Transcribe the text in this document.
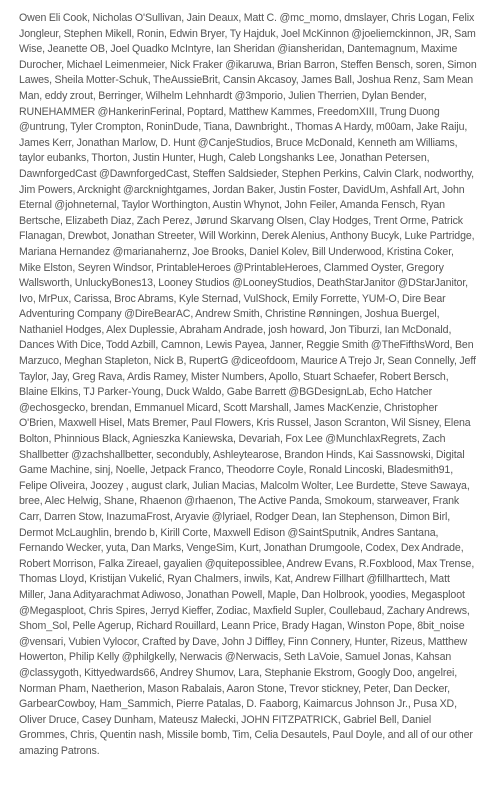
Owen Eli Cook, Nicholas O'Sullivan, Jain Deaux, Matt C. @mc_momo, dmslayer, Chris Logan, Felix Jongleur, Stephen Mikell, Ronin, Edwin Bryer, Ty Hajduk, Joel McKinnon @joeliemckinnon, JR, Sam Wise, Jeanette OB, Joel Quadko McIntyre, Ian Sheridan @iansheridan, Dantemagnum, Maxime Durocher, Michael Leimenmeier, Nick Fraker @ikaruwa, Brian Barron, Steffen Bensch, soren, Simon Lawes, Sheila Motter-Schuk, TheAussieBrit, Cansin Akcasoy, James Ball, Joshua Renz, Sam Mean Man, eddy zrout, Berringer, Wilhelm Lehnhardt @3mporio, Julien Therrien, Dylan Bender, RUNEHAMMER @HankerinFerinal, Poptard, Matthew Kammes, FreedomXIII, Trung Duong @untrung, Tyler Crompton, RoninDude, Tiana, Dawnbright., Thomas A Hardy, m00am, Jake Raiju, James Kerr, Jonathan Marlow, D. Hunt @CanjeStudios, Bruce McDonald, Kenneth am Williams, taylor eubanks, Thorton, Justin Hunter, Hugh, Caleb Longshanks Lee, Jonathan Petersen, DawnforgedCast @DawnforgedCast, Steffen Saldsieder, Stephen Perkins, Calvin Clark, nodworthy, Jim Powers, Arcknight @arcknightgames, Jordan Baker, Justin Foster, DavidUm, Ashfall Art, John Eternal @johneternal, Taylor Worthington, Austin Whynot, John Feiler, Amanda Fensch, Ryan Bertsche, Elizabeth Diaz, Zach Perez, Jørund Skarvang Olsen, Clay Hodges, Trent Orme, Patrick Flanagan, Drewbot, Jonathan Streeter, Will Workinn, Derek Alenius, Anthony Bucyk, Luke Partridge, Mariana Hernandez @marianahernz, Joe Brooks, Daniel Kolev, Bill Underwood, Kristina Coker, Mike Elston, Seyren Windsor, PrintableHeroes @PrintableHeroes, Clammed Oyster, Gregory Wallsworth, UnluckyBones13, Looney Studios @LooneyStudios, DeathStarJanitor @DStarJanitor, Ivo, MrPux, Carissa, Broc Abrams, Kyle Sternad, VulShock, Emily Forrette, YUM-O, Dire Bear Adventuring Company @DireBearAC, Andrew Smith, Christine Rønningen, Joshua Buergel, Nathaniel Hodges, Alex Duplessie, Abraham Andrade, josh howard, Jon Tiburzi, Ian McDonald, Dances With Dice, Todd Azbill, Camnon, Lewis Payea, Janner, Reggie Smith @TheFifthsWord, Ben Marzuco, Meghan Stapleton, Nick B, RupertG @diceofdoom, Maurice A Trejo Jr, Sean Connelly, Jeff Taylor, Jay, Greg Rava, Ardis Ramey, Mister Numbers, Apollo, Stuart Schaefer, Robert Bersch, Blaine Elkins, TJ Parker-Young, Duck Waldo, Gabe Barrett @BGDesignLab, Echo Hatcher @echosgecko, brendan, Emmanuel Micard, Scott Marshall, James MacKenzie, Christopher O'Brien, Maxwell Hisel, Mats Bremer, Paul Flowers, Kris Russel, Jason Scranton, Wil Sisney, Elena Bolton, Phinnious Black, Agnieszka Kaniewska, Devariah, Fox Lee @MunchlaxRegrets, Zach Shallbetter @zachshallbetter, secondubly, Ashleytearose, Brandon Hinds, Kai Sassnowski, Digital Game Machine, sinj, Noelle, Jetpack Franco, Theodorre Coyle, Ronald Lincoski, Bladesmith91, Felipe Oliveira, Joozey , august clark, Julian Macias, Malcolm Wolter, Lee Burdette, Steve Sawaya, bree, Alec Helwig, Shane, Rhaenon @rhaenon, The Active Panda, Smokoum, starweaver, Frank Carr, Darren Stow, InazumaFrost, Aryavie @lyriael, Rodger Dean, Ian Stephenson, Dimon Birl, Dermot McLaughlin, brendo b, Kirill Corte, Maxwell Edison @SaintSputnik, Andres Santana, Fernando Wecker, yuta, Dan Marks, VengeSim, Kurt, Jonathan Drumgoole, Codex, Dex Andrade, Robert Morrison, Falka Zireael, gayalien @quitepossiblee, Andrew Evans, R.Foxblood, Max Trense, Thomas Lloyd, Kristijan Vukelić, Ryan Chalmers, inwils, Kat, Andrew Fillhart @fillharttech, Matt Miller, Jana Adityarachmat Adiwoso, Jonathan Powell, Maple, Dan Holbrook, yoodies, Megasploot @Megasploot, Chris Spires, Jerryd Kieffer, Zodiac, Maxfield Supler, Coullebaud, Zachary Andrews, Shom_Sol, Pelle Agerup, Richard Rouillard, Leann Price, Brady Hagan, Winston Pope, 8bit_noise @vensari, Vubien Vylocor, Crafted by Dave, John J Diffley, Finn Connery, Hunter, Rizeus, Matthew Howerton, Philip Kelly @philgkelly, Nerwacis @Nerwacis, Seth LaVoie, Samuel Jonas, Kahsan @classygoth, Kittyedwards66, Andrey Shumov, Lara, Stephanie Ekstrom, Googly Doo, angelrei, Norman Pham, Naetherion, Mason Rabalais, Aaron Stone, Trevor stickney, Peter, Dan Decker, GarbearCowboy, Ham_Sammich, Pierre Patalas, D. Faaborg, Kaimarcus Johnson Jr., Pusa XD, Oliver Druce, Casey Dunham, Mateusz Małecki, JOHN FITZPATRICK, Gabriel Bell, Daniel Grommes, Chris, Quentin nash, Missile bomb, Tim, Celia Desautels, Paul Doyle, and all of our other amazing Patrons.
